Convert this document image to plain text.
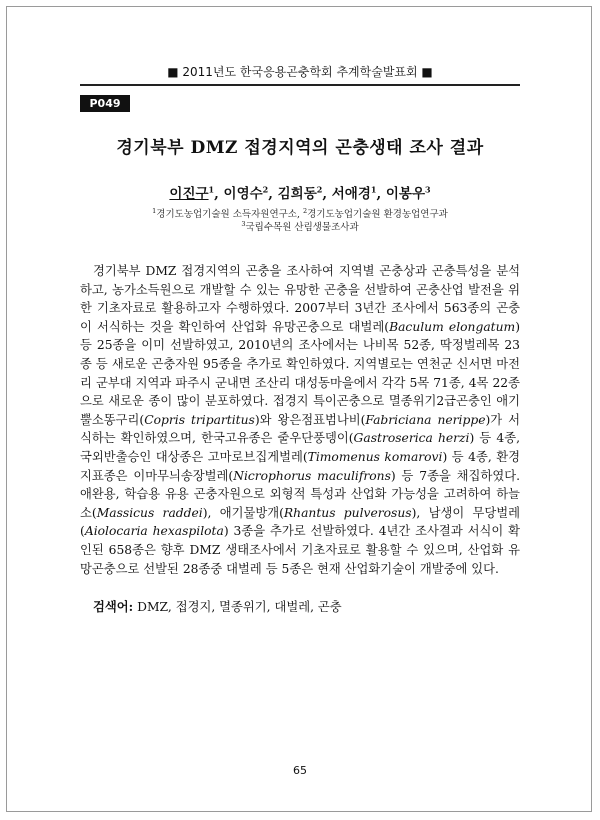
■ 2011년도 한국응용곤충학회 추계학술발표회 ■
P049
경기북부 DMZ 접경지역의 곤충생태 조사 결과
이진구$^1$, 이영수$^2$, 김희동$^2$, 서애경$^1$, 이봉우$^3$
$^1$경기도농업기술원 소득자원연구소, $^2$경기도농업기술원 환경농업연구과
$^3$국립수목원 산림생물조사과

경기북부 DMZ 접경지역의 곤충을 조사하여 지역별 곤충상과 곤충특성을 분석하고, 농가소득원으로 개발할 수 있는 유망한 곤충을 선발하여 곤충산업 발전을 위한 기초자료로 활용하고자 수행하였다. 2007부터 3년간 조사에서 563종의 곤충이 서식하는 것을 확인하여 산업화 유망곤충으로 대벌레(Baculum elongatum) 등 25종을 이미 선발하였고, 2010년의 조사에서는 나비목 52종, 딱정벌레목 23종 등 새로운 곤충자원 95종을 추가로 확인하였다. 지역별로는 연천군 신서면 마전리 군부대 지역과 파주시 군내면 조산리 대성동마을에서 각각 5목 71종, 4목 22종으로 새로운 종이 많이 분포하였다. 접경지 특이곤충으로 멸종위기2급곤충인 애기뿔소똥구리(Copris tripartitus)와 왕은점표범나비(Fabriciana nerippe)가 서식하는 확인하였으며, 한국고유종은 줄우단풍뎅이(Gastroserica herzi) 등 4종, 국외반출승인 대상종은 고마로브집게벌레(Timomenus komarovi) 등 4종, 환경지표종은 이마무늬송장벌레(Nicrophorus maculifrons) 등 7종을 채집하였다. 애완용, 학습용 유용 곤충자원으로 외형적 특성과 산업화 가능성을 고려하여 하늘소(Massicus raddei), 애기물방개(Rhantus pulverosus), 남생이 무당벌레(Aiolocaria hexaspilota) 3종을 추가로 선발하였다. 4년간 조사결과 서식이 확인된 658종은 향후 DMZ 생태조사에서 기초자료로 활용할 수 있으며, 산업화 유망곤충으로 선발된 28종중 대벌레 등 5종은 현재 산업화기술이 개발중에 있다.

검색어: DMZ, 접경지, 멸종위기, 대벌레, 곤충
65
